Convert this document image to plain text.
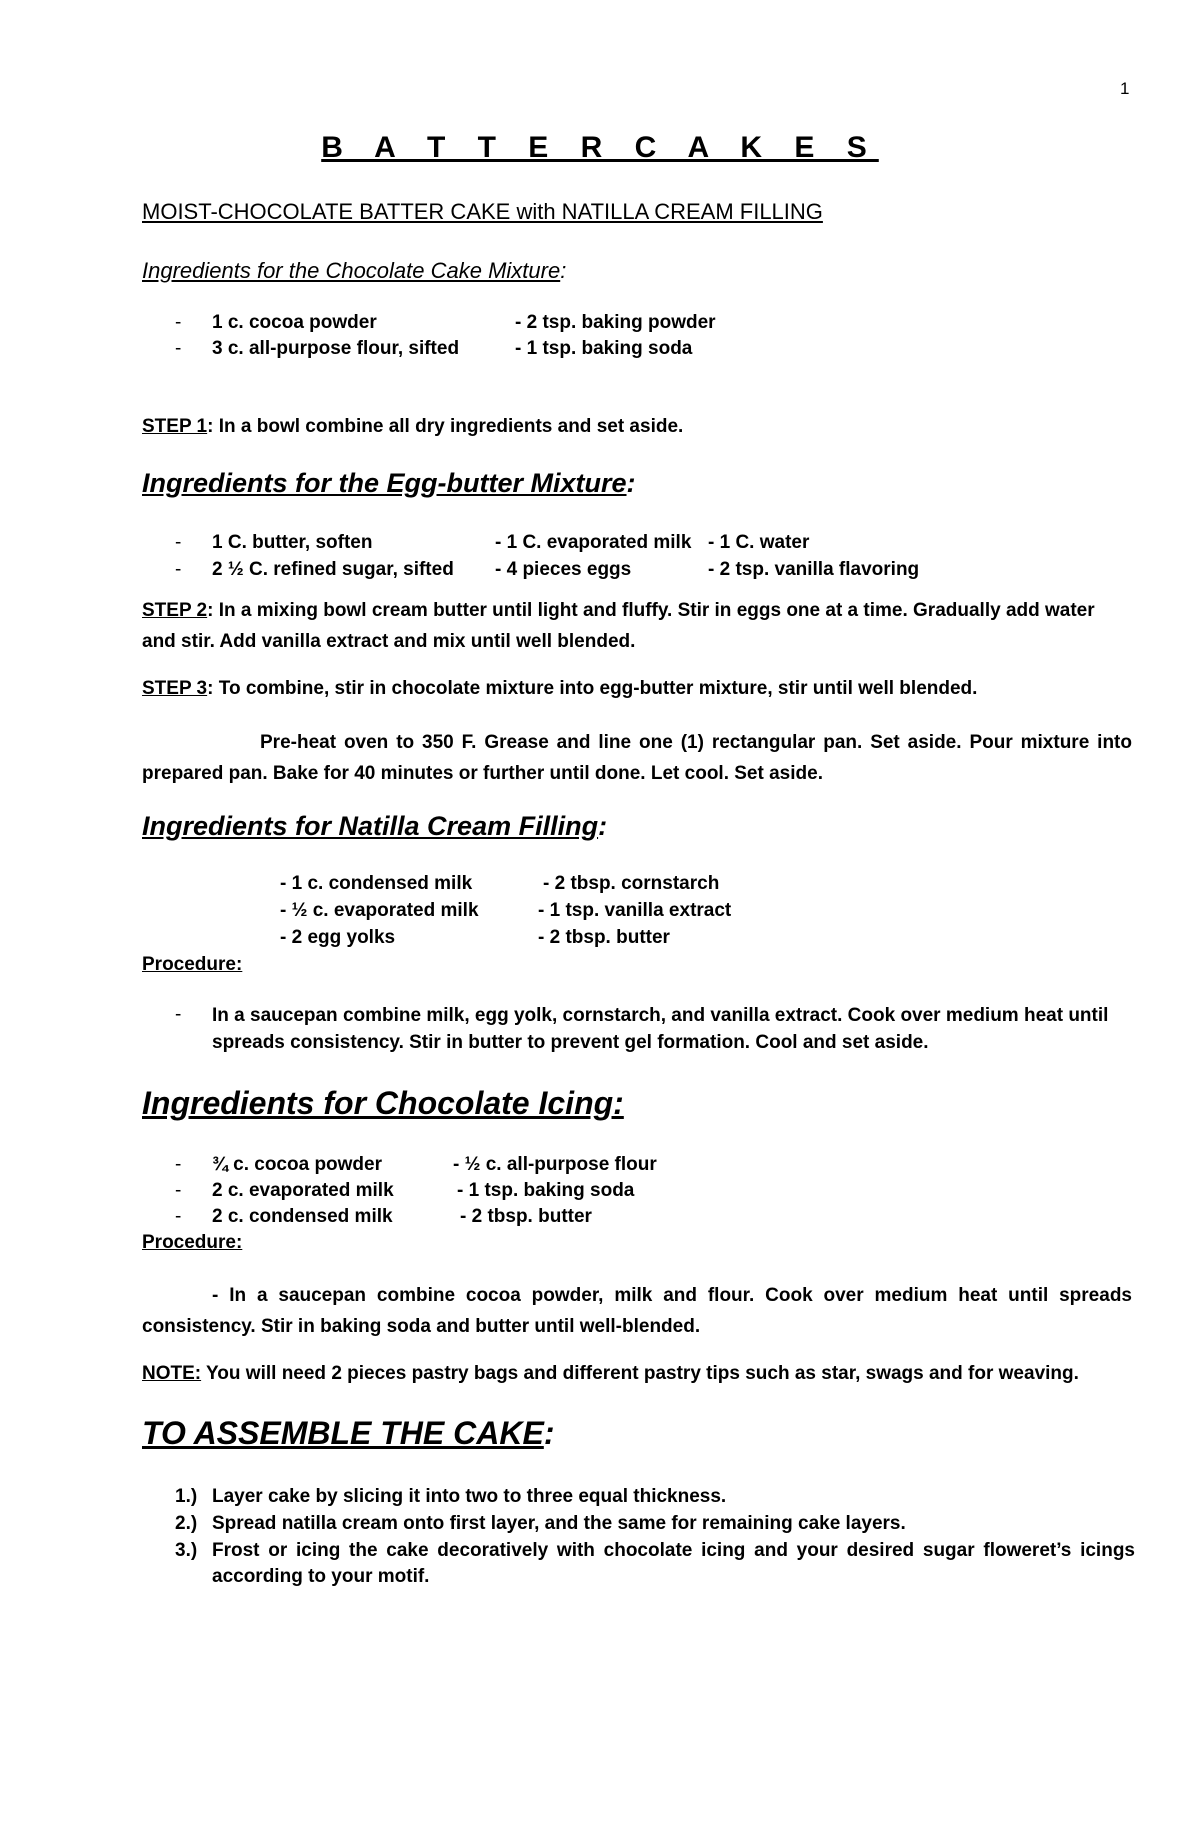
1
B A T T E R C A K E S
MOIST-CHOCOLATE BATTER CAKE with NATILLA CREAM FILLING
Ingredients for the Chocolate Cake Mixture:
- 1 c. cocoa powder	- 2 tsp. baking powder
- 3 c. all-purpose flour, sifted	- 1 tsp. baking soda
STEP 1: In a bowl combine all dry ingredients and set aside.
Ingredients for the Egg-butter Mixture:
- 1 C. butter, soften	- 1 C. evaporated milk - 1 C. water
- 2 ½ C. refined sugar, sifted - 4 pieces eggs	- 2 tsp. vanilla flavoring
STEP 2: In a mixing bowl cream butter until light and fluffy. Stir in eggs one at a time. Gradually add water and stir. Add vanilla extract and mix until well blended.
STEP 3: To combine, stir in chocolate mixture into egg-butter mixture, stir until well blended.
Pre-heat oven to 350 F. Grease and line one (1) rectangular pan. Set aside. Pour mixture into prepared pan. Bake for 40 minutes or further until done. Let cool. Set aside.
Ingredients for Natilla Cream Filling:
- 1 c. condensed milk	- 2 tbsp. cornstarch
- ½ c. evaporated milk	- 1 tsp. vanilla extract
- 2 egg yolks	- 2 tbsp. butter
Procedure:
- In a saucepan combine milk, egg yolk, cornstarch, and vanilla extract. Cook over medium heat until spreads consistency. Stir in butter to prevent gel formation. Cool and set aside.
Ingredients for Chocolate Icing:
- ¾ c. cocoa powder	- ½ c. all-purpose flour
- 2 c. evaporated milk	- 1 tsp. baking soda
- 2 c. condensed milk	- 2 tbsp. butter
Procedure:
- In a saucepan combine cocoa powder, milk and flour. Cook over medium heat until spreads consistency. Stir in baking soda and butter until well-blended.
NOTE: You will need 2 pieces pastry bags and different pastry tips such as star, swags and for weaving.
TO ASSEMBLE THE CAKE:
1.) Layer cake by slicing it into two to three equal thickness.
2.) Spread natilla cream onto first layer, and the same for remaining cake layers.
3.) Frost or icing the cake decoratively with chocolate icing and your desired sugar floweret’s icings according to your motif.
